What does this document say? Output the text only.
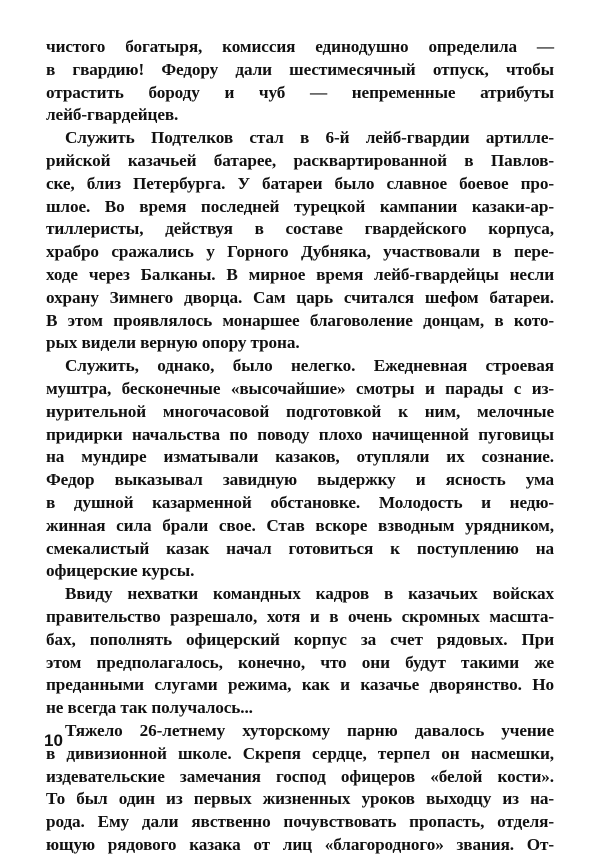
чистого богатыря, комиссия единодушно определила —
в гвардию! Федору дали шестимесячный отпуск, чтобы
отрастить бороду и чуб — непременные атрибуты
лейб-гвардейцев.

Служить Подтелков стал в 6-й лейб-гвардии артилле-
рийской казачьей батарее, расквартированной в Павлов-
ске, близ Петербурга. У батареи было славное боевое про-
шлое. Во время последней турецкой кампании казаки-ар-
тиллеристы, действуя в составе гвардейского корпуса,
храбро сражались у Горного Дубняка, участвовали в пере-
ходе через Балканы. В мирное время лейб-гвардейцы несли
охрану Зимнего дворца. Сам царь считался шефом батареи.
В этом проявлялось монаршее благоволение донцам, в кото-
рых видели верную опору трона.

Служить, однако, было нелегко. Ежедневная строевая
муштра, бесконечные «высочайшие» смотры и парады с из-
нурительной многочасовой подготовкой к ним, мелочные
придирки начальства по поводу плохо начищенной пуговицы
на мундире изматывали казаков, отупляли их сознание.
Федор выказывал завидную выдержку и ясность ума
в душной казарменной обстановке. Молодость и недю-
жинная сила брали свое. Став вскоре взводным урядником,
смекалистый казак начал готовиться к поступлению на
офицерские курсы.

Ввиду нехватки командных кадров в казачьих войсках
правительство разрешало, хотя и в очень скромных масшта-
бах, пополнять офицерский корпус за счет рядовых. При
этом предполагалось, конечно, что они будут такими же
преданными слугами режима, как и казачье дворянство. Но
не всегда так получалось...

Тяжело 26-летнему хуторскому парню давалось учение
в дивизионной школе. Скрепя сердце, терпел он насмешки,
издевательские замечания господ офицеров «белой кости».
То был один из первых жизненных уроков выходцу из на-
рода. Ему дали явственно почувствовать пропасть, отделя-
ющую рядового казака от лиц «благородного» звания. От-

10
